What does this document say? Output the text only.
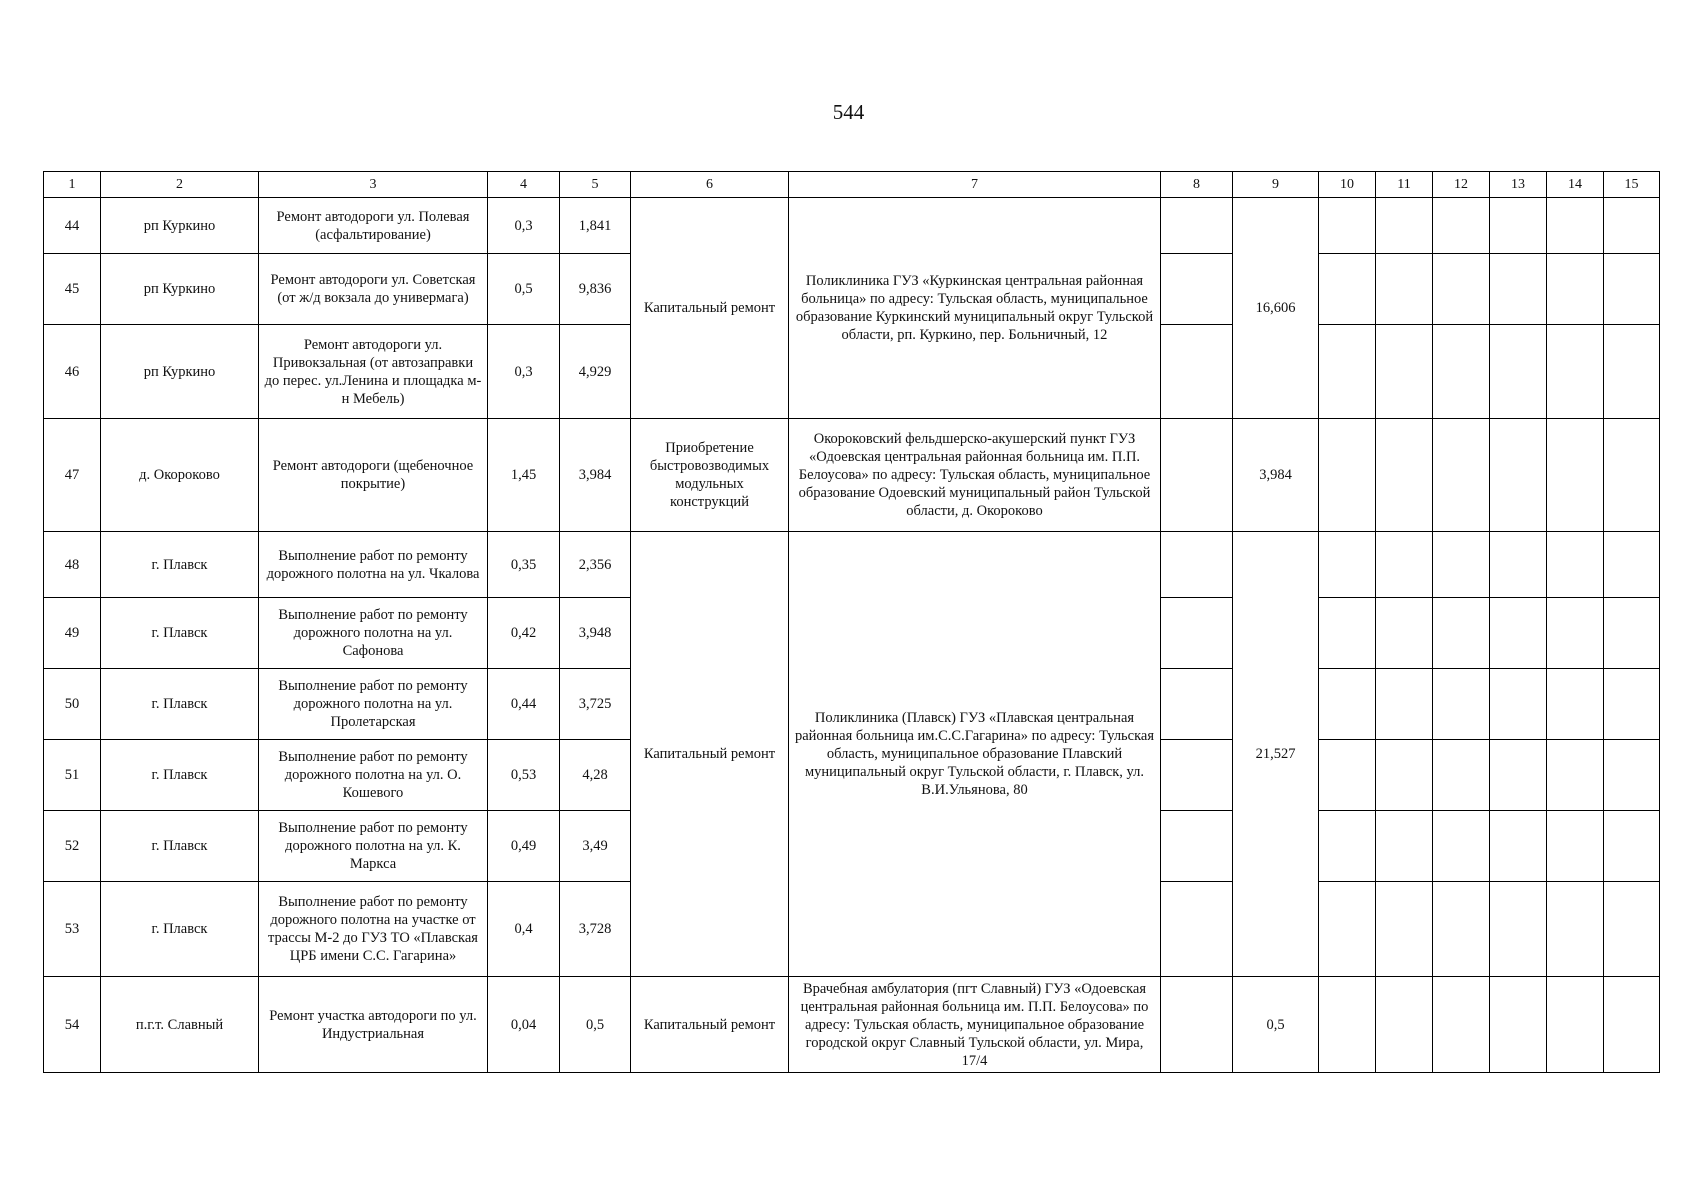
544
1	2	3	4	5	6	7	8	9	10	11	12	13	14	15
44	рп Куркино	Ремонт автодороги ул. Полевая (асфальтирование)	0,3	1,841	Капитальный ремонт	Поликлиника ГУЗ «Куркинская центральная районная больница» по адресу: Тульская область, муниципальное образование Куркинский муниципальный округ Тульской области, рп. Куркино, пер. Больничный, 12		16,606						
45	рп Куркино	Ремонт автодороги ул. Советская (от ж/д вокзала до универмага)	0,5	9,836										
46	рп Куркино	Ремонт автодороги ул. Привокзальная (от автозаправки до перес. ул.Ленина и площадка м-н Мебель)	0,3	4,929										
47	д. Окороково	Ремонт автодороги (щебеночное покрытие)	1,45	3,984	Приобретение быстровозводимых модульных конструкций	Окороковский фельдшерско-акушерский пункт ГУЗ «Одоевская центральная районная больница им. П.П. Белоусова» по адресу: Тульская область, муниципальное образование Одоевский муниципальный район Тульской области, д. Окороково		3,984						
48	г. Плавск	Выполнение работ по ремонту дорожного полотна на ул. Чкалова	0,35	2,356	Капитальный ремонт	Поликлиника (Плавск) ГУЗ «Плавская центральная районная больница им.С.С.Гагарина» по адресу: Тульская область, муниципальное образование Плавский муниципальный округ Тульской области, г. Плавск, ул. В.И.Ульянова, 80		21,527						
49	г. Плавск	Выполнение работ по ремонту дорожного полотна на ул. Сафонова	0,42	3,948										
50	г. Плавск	Выполнение работ по ремонту дорожного полотна на ул. Пролетарская	0,44	3,725										
51	г. Плавск	Выполнение работ по ремонту дорожного полотна на ул. О. Кошевого	0,53	4,28										
52	г. Плавск	Выполнение работ по ремонту дорожного полотна на ул. К. Маркса	0,49	3,49										
53	г. Плавск	Выполнение работ по ремонту дорожного полотна на участке от трассы М-2 до ГУЗ ТО «Плавская ЦРБ имени С.С. Гагарина»	0,4	3,728										
54	п.г.т. Славный	Ремонт участка автодороги по ул. Индустриальная	0,04	0,5	Капитальный ремонт	Врачебная амбулатория (пгт Славный) ГУЗ «Одоевская центральная районная больница им. П.П. Белоусова» по адресу: Тульская область, муниципальное образование городской округ Славный Тульской области, ул. Мира, 17/4		0,5						
